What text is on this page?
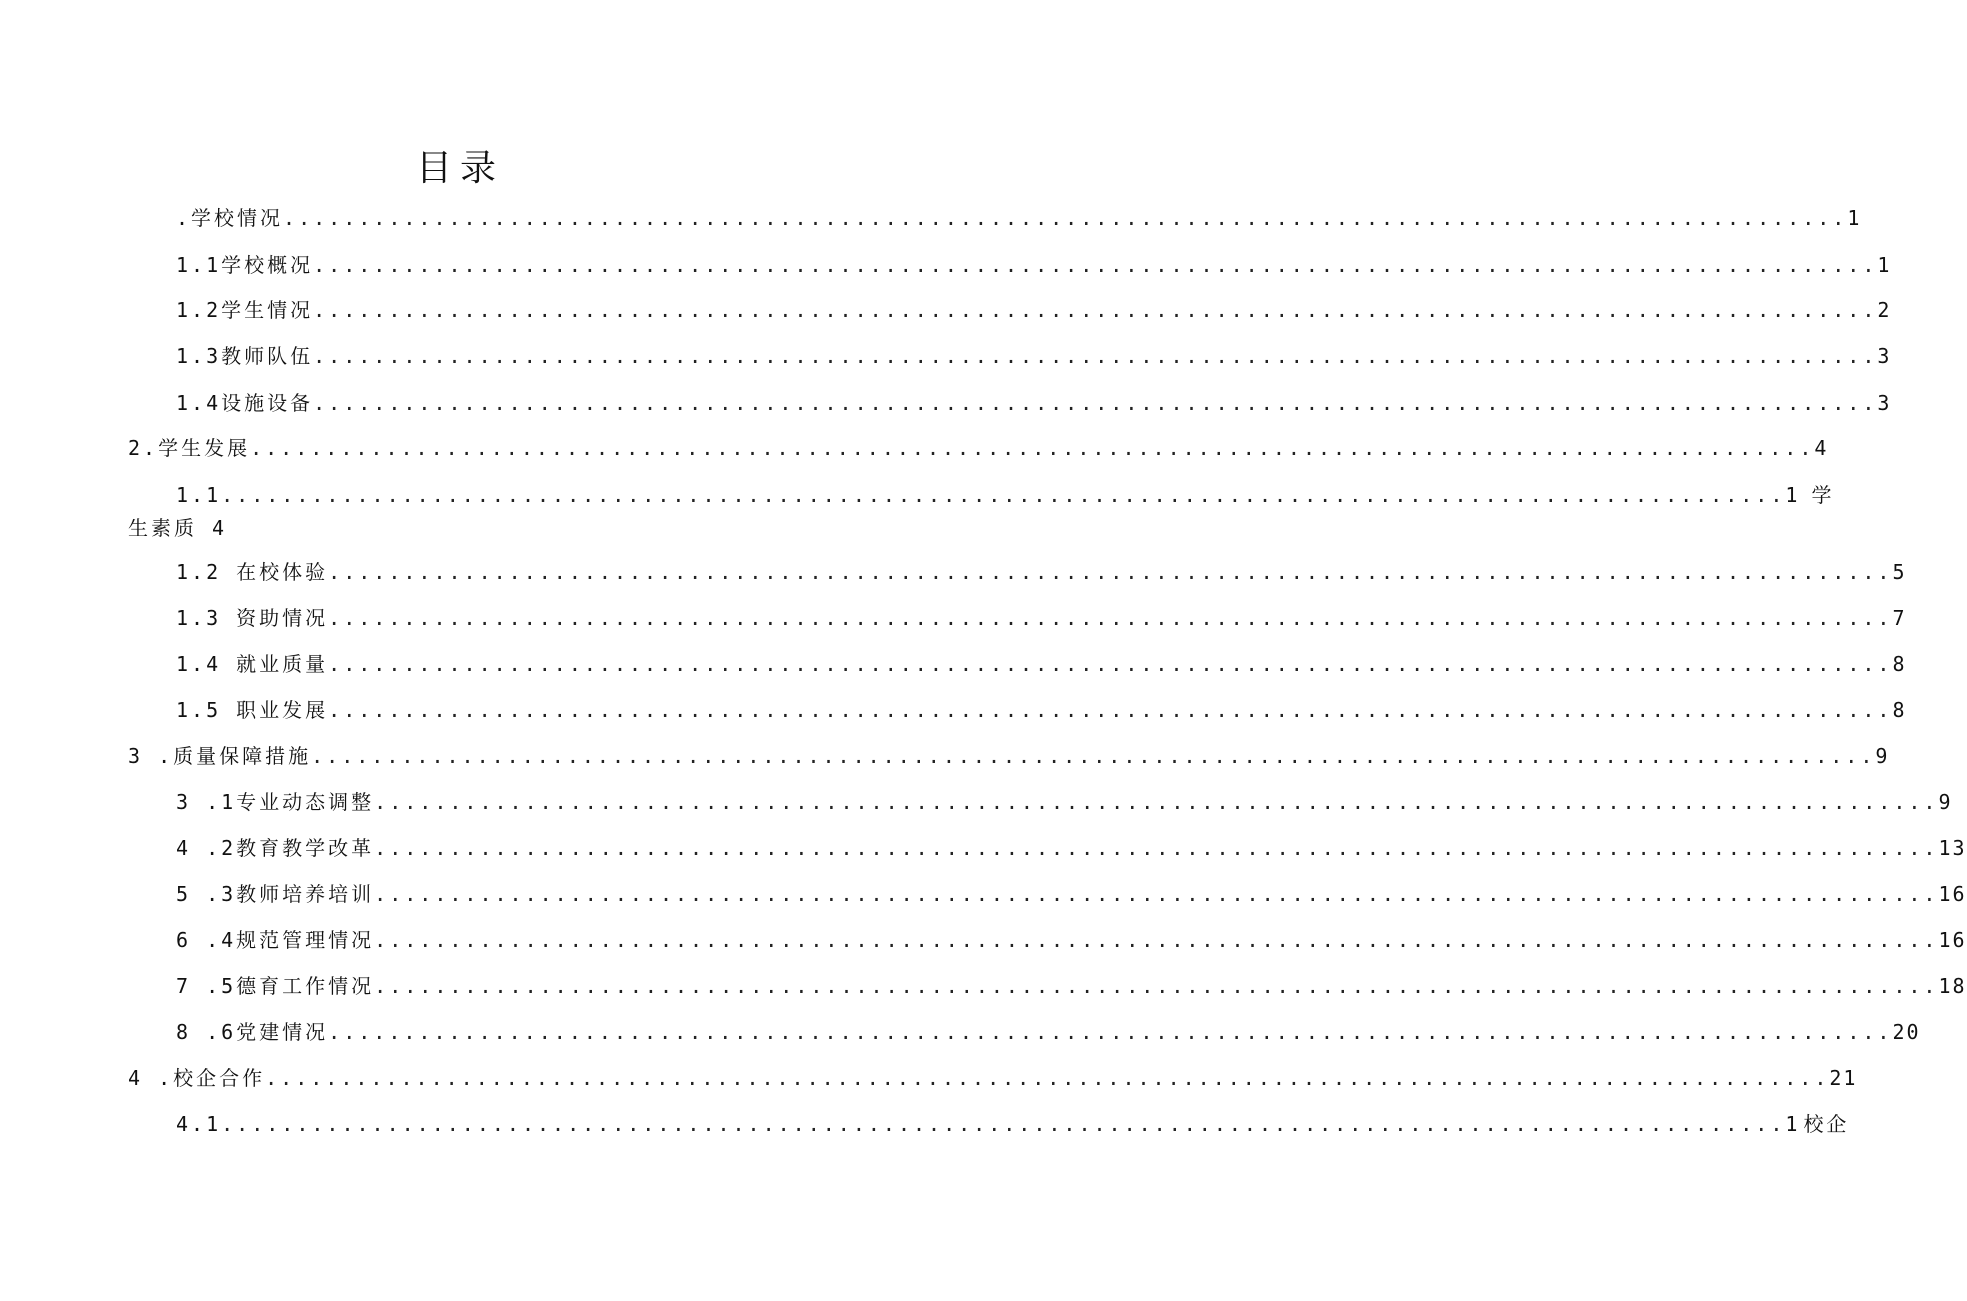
目录
.学校情况 ........................................................................................................ 1
1.1学校概况 ........................................................................................................ 1
1.2学生情况 ........................................................................................................ 2
1.3教师队伍 ........................................................................................................ 3
1.4设施设备 ........................................................................................................ 3
2.学生发展 ........................................................................................................ 4
1.1 ........................................................................................................ 1 学
生素质 4
1.2 在校体验 ........................................................................................................ 5
1.3 资助情况 ........................................................................................................ 7
1.4 就业质量 ........................................................................................................ 8
1.5 职业发展 ........................................................................................................ 8
3 .质量保障措施 ........................................................................................................ 9
3 .1专业动态调整 ........................................................................................................ 9
4 .2教育教学改革 ........................................................................................................ 13
5 .3教师培养培训 ........................................................................................................ 16
6 .4规范管理情况 ........................................................................................................ 16
7 .5德育工作情况 ........................................................................................................ 18
8 .6党建情况 ........................................................................................................ 20
4 .校企合作 ........................................................................................................ 21
4.1 ........................................................................................................ 1 校企
